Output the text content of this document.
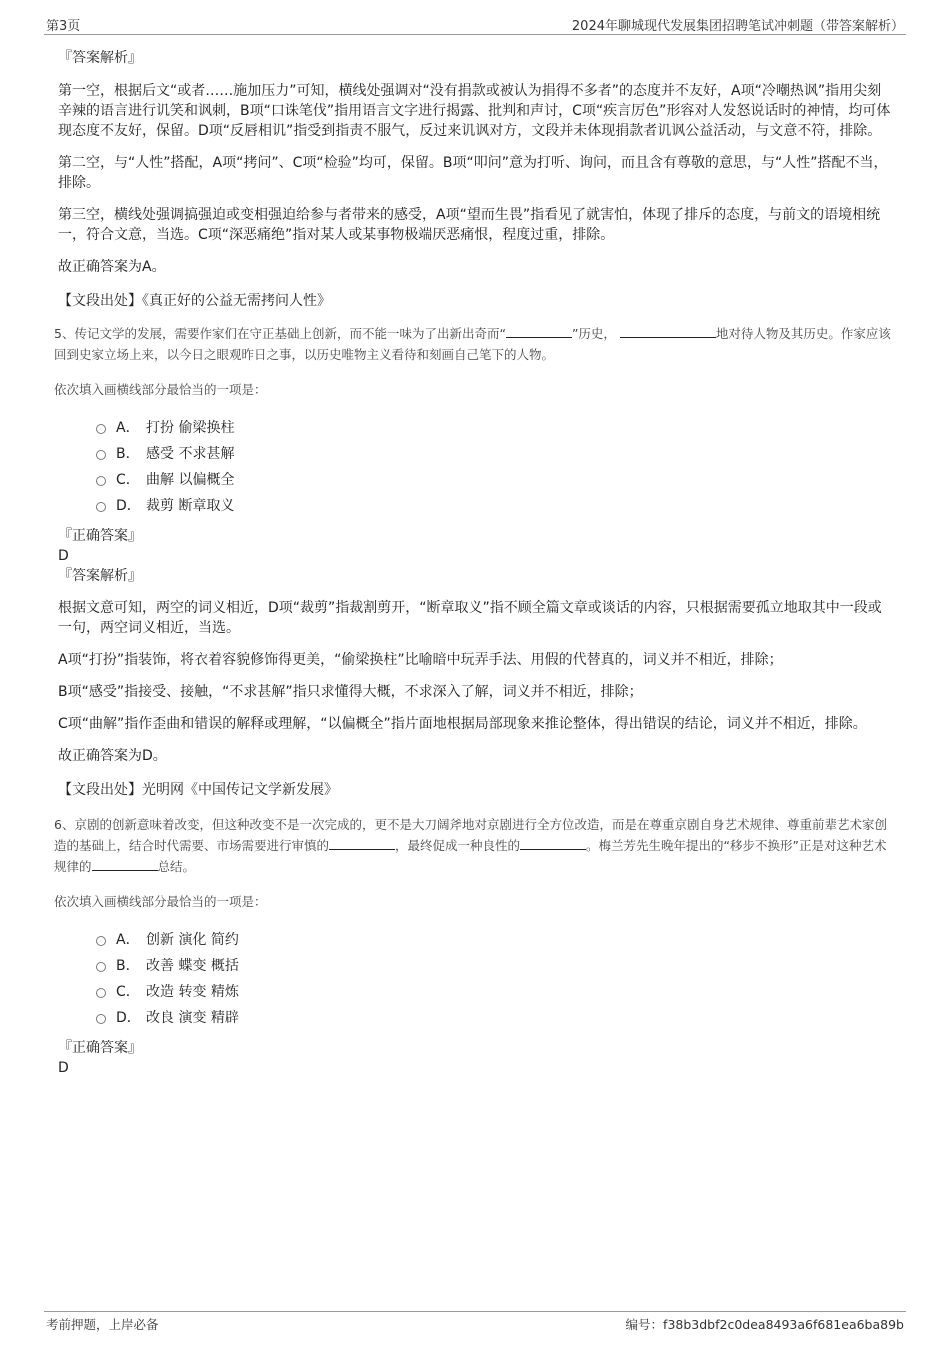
第3页	2024年聊城现代发展集团招聘笔试冲刺题（带答案解析）

『答案解析』

第一空，根据后文“或者……施加压力”可知，横线处强调对“没有捐款或被认为捐得不多者”的态度并不友好，A项“冷嘲热讽”指用尖刻辛辣的语言进行讥笑和讽刺，B项“口诛笔伐”指用语言文字进行揭露、批判和声讨，C项“疾言厉色”形容对人发怒说话时的神情，均可体现态度不友好，保留。D项“反唇相讥”指受到指责不服气，反过来讥讽对方，文段并未体现捐款者讥讽公益活动，与文意不符，排除。

第二空，与“人性”搭配，A项“拷问”、C项“检验”均可，保留。B项“叩问”意为打听、询问，而且含有尊敬的意思，与“人性”搭配不当，排除。

第三空，横线处强调搞强迫或变相强迫给参与者带来的感受，A项“望而生畏”指看见了就害怕，体现了排斥的态度，与前文的语境相统一，符合文意，当选。C项“深恶痛绝”指对某人或某事物极端厌恶痛恨，程度过重，排除。

故正确答案为A。

【文段出处】《真正好的公益无需拷问人性》

5、传记文学的发展，需要作家们在守正基础上创新，而不能一味为了出新出奇而“	”历史，	地对待人物及其历史。作家应该回到史家立场上来，以今日之眼观昨日之事，以历史唯物主义看待和刻画自己笔下的人物。

依次填入画横线部分最恰当的一项是：

A． 打扮 偷梁换柱
B． 感受 不求甚解
C． 曲解 以偏概全
D． 裁剪 断章取义

『正确答案』

D

『答案解析』

根据文意可知，两空的词义相近，D项“裁剪”指裁割剪开，“断章取义”指不顾全篇文章或谈话的内容，只根据需要孤立地取其中一段或一句，两空词义相近，当选。

A项“打扮”指装饰，将衣着容貌修饰得更美，“偷梁换柱”比喻暗中玩弄手法、用假的代替真的，词义并不相近，排除；

B项“感受”指接受、接触，“不求甚解”指只求懂得大概，不求深入了解，词义并不相近，排除；

C项“曲解”指作歪曲和错误的解释或理解，“以偏概全”指片面地根据局部现象来推论整体，得出错误的结论，词义并不相近，排除。

故正确答案为D。

【文段出处】光明网《中国传记文学新发展》

6、京剧的创新意味着改变，但这种改变不是一次完成的，更不是大刀阔斧地对京剧进行全方位改造，而是在尊重京剧自身艺术规律、尊重前辈艺术家创造的基础上，结合时代需要、市场需要进行审慎的	，最终促成一种良性的	。梅兰芳先生晚年提出的“移步不换形”正是对这种艺术规律的	总结。

依次填入画横线部分最恰当的一项是：

A． 创新 演化 简约
B． 改善 蝶变 概括
C． 改造 转变 精炼
D． 改良 演变 精辟

『正确答案』

D

考前押题，上岸必备	编号：f38b3dbf2c0dea8493a6f681ea6ba89b
